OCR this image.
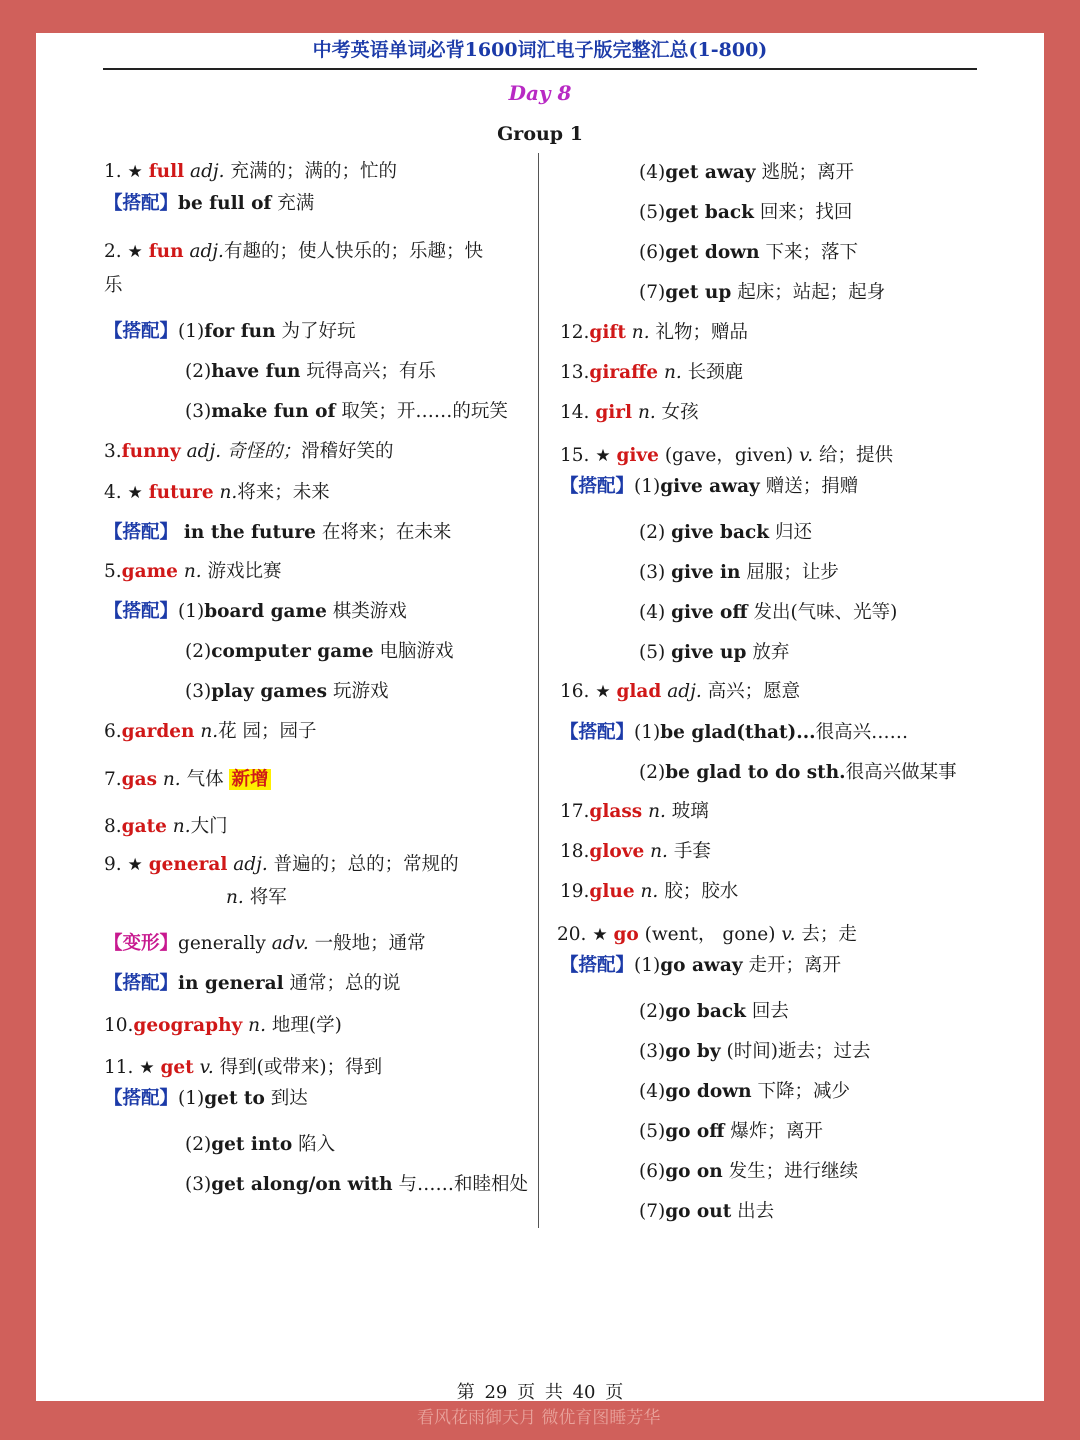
中考英语单词必背1600词汇电子版完整汇总(1-800)
Day 8
Group 1
1. ★ full adj. 充满的；满的；忙的
【搭配】be full of 充满
2. ★ fun adj.有趣的；使人快乐的；乐趣；快
乐
【搭配】(1)for fun 为了好玩
(2)have fun 玩得高兴；有乐
(3)make fun of 取笑；开……的玩笑
3.funny adj. 奇怪的；滑稽好笑的
4. ★ future n.将来；未来
【搭配】 in the future 在将来；在未来
5.game n. 游戏比赛
【搭配】(1)board game 棋类游戏
(2)computer game 电脑游戏
(3)play games 玩游戏
6.garden n.花 园；园子
7.gas n. 气体 新增
8.gate n.大门
9. ★ general adj. 普遍的；总的；常规的
n. 将军
【变形】generally adv. 一般地；通常
【搭配】in general 通常；总的说
10.geography n. 地理(学)
11. ★ get v. 得到(或带来)；得到
【搭配】(1)get to 到达
(2)get into 陷入
(3)get along/on with 与……和睦相处
(4)get away 逃脱；离开
(5)get back 回来；找回
(6)get down 下来；落下
(7)get up 起床；站起；起身
12.gift n. 礼物；赠品
13.giraffe n. 长颈鹿
14. girl n. 女孩
15. ★ give (gave，given) v. 给；提供
【搭配】(1)give away 赠送；捐赠
(2) give back 归还
(3) give in 屈服；让步
(4) give off 发出(气味、光等)
(5) give up 放弃
16. ★ glad adj. 高兴；愿意
【搭配】(1)be glad(that)...很高兴……
(2)be glad to do sth.很高兴做某事
17.glass n. 玻璃
18.glove n. 手套
19.glue n. 胶；胶水
20. ★ go (went， gone) v. 去；走
【搭配】(1)go away 走开；离开
(2)go back 回去
(3)go by (时间)逝去；过去
(4)go down 下降；减少
(5)go off 爆炸；离开
(6)go on 发生；进行继续
(7)go out 出去
第 29 页 共 40 页
看风花雨御天月 微优育图睡芳华
